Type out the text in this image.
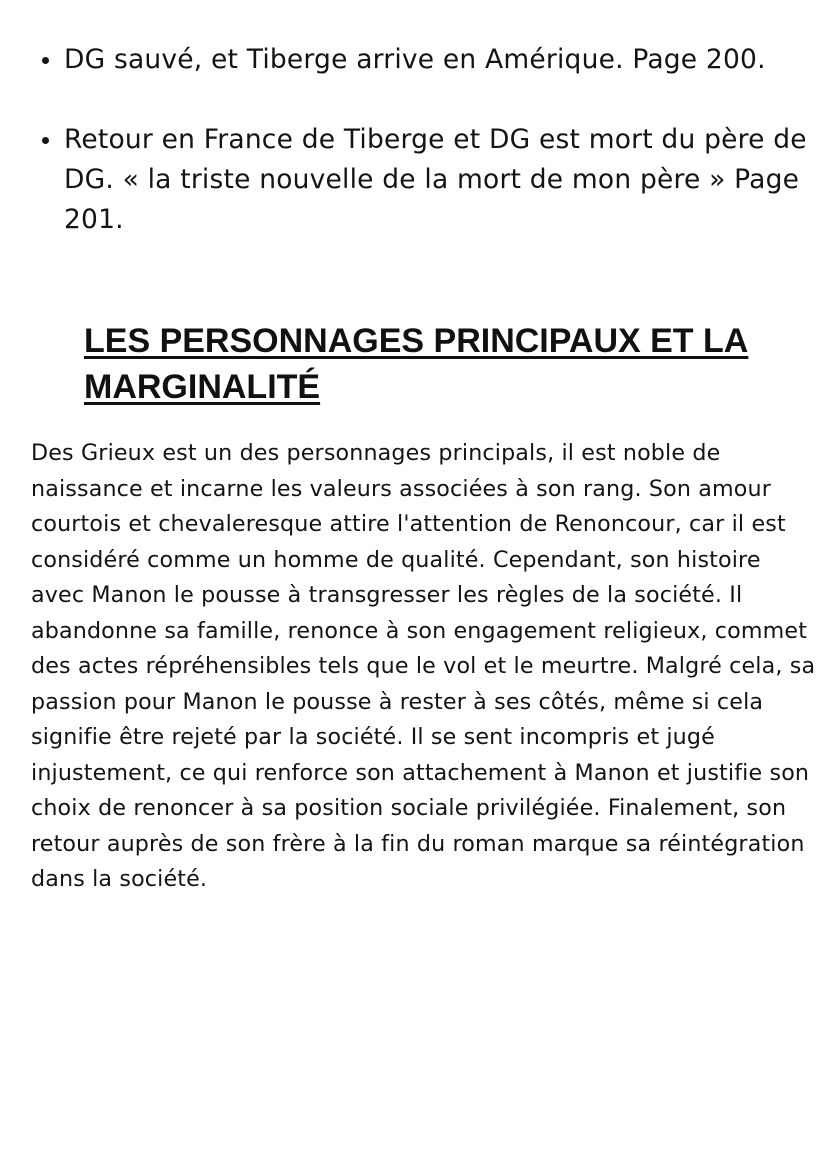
DG sauvé, et Tiberge arrive en Amérique. Page 200.
Retour en France de Tiberge et DG est mort du père de DG. « la triste nouvelle de la mort de mon père » Page 201.
LES PERSONNAGES PRINCIPAUX ET LA MARGINALITÉ

Des Grieux est un des personnages principals, il est noble de naissance et incarne les valeurs associées à son rang. Son amour courtois et chevaleresque attire l'attention de Renoncour, car il est considéré comme un homme de qualité. Cependant, son histoire avec Manon le pousse à transgresser les règles de la société. Il abandonne sa famille, renonce à son engagement religieux, commet des actes répréhensibles tels que le vol et le meurtre. Malgré cela, sa passion pour Manon le pousse à rester à ses côtés, même si cela signifie être rejeté par la société. Il se sent incompris et jugé injustement, ce qui renforce son attachement à Manon et justifie son choix de renoncer à sa position sociale privilégiée. Finalement, son retour auprès de son frère à la fin du roman marque sa réintégration dans la société.
